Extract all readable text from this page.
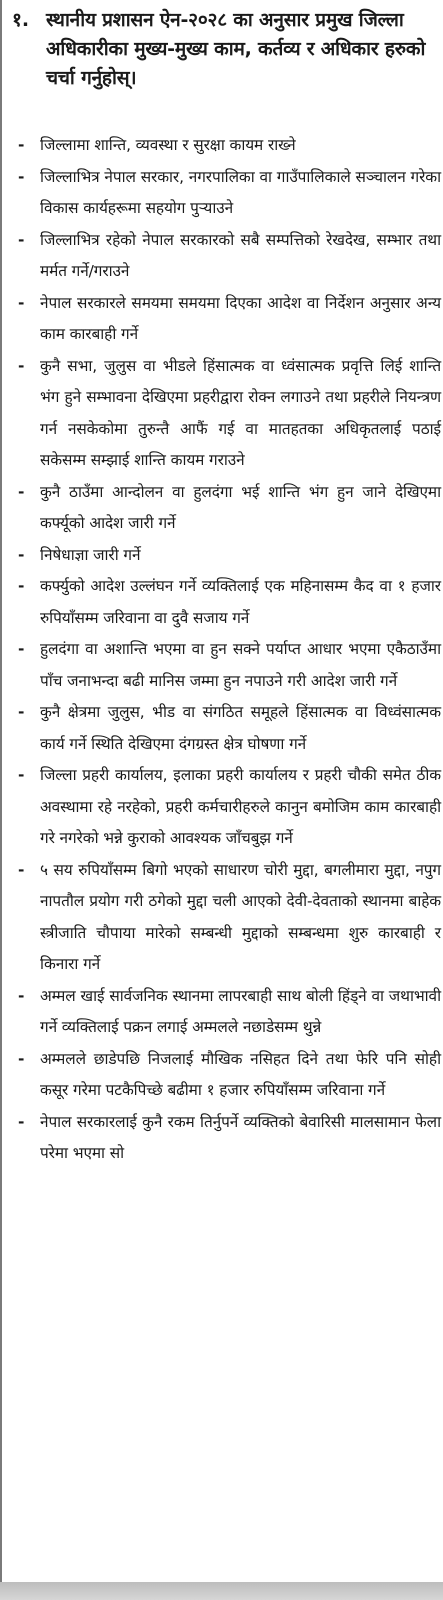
१. स्थानीय प्रशासन ऐन-२०२८ का अनुसार प्रमुख जिल्ला अधिकारीका मुख्य-मुख्य काम, कर्तव्य र अधिकार हरुको चर्चा गर्नुहोस्।
- जिल्लामा शान्ति, व्यवस्था र सुरक्षा कायम राख्ने
- जिल्लाभित्र नेपाल सरकार, नगरपालिका वा गाउँपालिकाले सञ्चालन गरेका विकास कार्यहरूमा सहयोग पुऱ्याउने
- जिल्लाभित्र रहेको नेपाल सरकारको सबै सम्पत्तिको रेखदेख, सम्भार तथा मर्मत गर्ने/गराउने
- नेपाल सरकारले समयमा समयमा दिएका आदेश वा निर्देशन अनुसार अन्य काम कारबाही गर्ने
- कुनै सभा, जुलुस वा भीडले हिंसात्मक वा ध्वंसात्मक प्रवृत्ति लिई शान्ति भंग हुने सम्भावना देखिएमा प्रहरीद्वारा रोक्न लगाउने तथा प्रहरीले नियन्त्रण गर्न नसकेकोमा तुरुन्तै आफैं गई वा मातहतका अधिकृतलाई पठाई सकेसम्म सम्झाई शान्ति कायम गराउने
- कुनै ठाउँमा आन्दोलन वा हुलदंगा भई शान्ति भंग हुन जाने देखिएमा कर्फ्यूको आदेश जारी गर्ने
- निषेधाज्ञा जारी गर्ने
- कर्फ्युको आदेश उल्लंघन गर्ने व्यक्तिलाई एक महिनासम्म कैद वा १ हजार रुपियाँसम्म जरिवाना वा दुवै सजाय गर्ने
- हुलदंगा वा अशान्ति भएमा वा हुन सक्ने पर्याप्त आधार भएमा एकैठाउँमा पाँच जनाभन्दा बढी मानिस जम्मा हुन नपाउने गरी आदेश जारी गर्ने
- कुनै क्षेत्रमा जुलुस, भीड वा संगठित समूहले हिंसात्मक वा विध्वंसात्मक कार्य गर्ने स्थिति देखिएमा दंगग्रस्त क्षेत्र घोषणा गर्ने
- जिल्ला प्रहरी कार्यालय, इलाका प्रहरी कार्यालय र प्रहरी चौकी समेत ठीक अवस्थामा रहे नरहेको, प्रहरी कर्मचारीहरुले कानुन बमोजिम काम कारबाही गरे नगरेको भन्ने कुराको आवश्यक जाँचबुझ गर्ने
- ५ सय रुपियाँसम्म बिगो भएको साधारण चोरी मुद्दा, बगलीमारा मुद्दा, नपुग नापतौल प्रयोग गरी ठगेको मुद्दा चली आएको देवी-देवताको स्थानमा बाहेक स्त्रीजाति चौपाया मारेको सम्बन्धी मुद्दाको सम्बन्धमा शुरु कारबाही र किनारा गर्ने
- अम्मल खाई सार्वजनिक स्थानमा लापरबाही साथ बोली हिंड्ने वा जथाभावी गर्ने व्यक्तिलाई पक्रन लगाई अम्मलले नछाडेसम्म थुन्ने
- अम्मलले छाडेपछि निजलाई मौखिक नसिहत दिने तथा फेरि पनि सोही कसूर गरेमा पटकैपिच्छे बढीमा १ हजार रुपियाँसम्म जरिवाना गर्ने
- नेपाल सरकारलाई कुनै रकम तिर्नुपर्ने व्यक्तिको बेवारिसी मालसामान फेला परेमा भएमा सो
